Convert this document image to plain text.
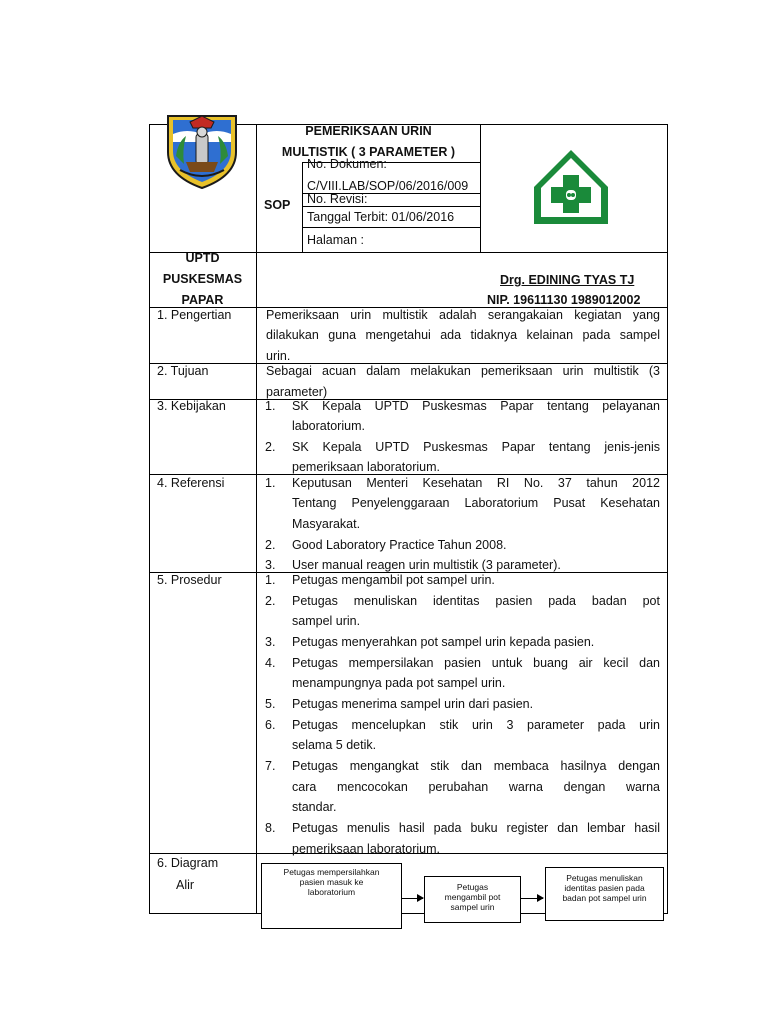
PEMERIKSAAN URIN
MULTISTIK ( 3 PARAMETER )
SOP
No. Dokumen:
C/VIII.LAB/SOP/06/2016/009
No. Revisi:
Tanggal Terbit: 01/06/2016
Halaman :
UPTD
PUSKESMAS
PAPAR
Drg. EDINING TYAS TJ
NIP. 19611130 1989012002
1. Pengertian	Pemeriksaan urin multistik adalah serangakaian kegiatan yang
dilakukan guna mengetahui ada tidaknya kelainan pada sampel
urin.
2. Tujuan	Sebagai acuan dalam melakukan pemeriksaan urin multistik (3
parameter)
3. Kebijakan	1. SK Kepala UPTD Puskesmas Papar tentang pelayanan
laboratorium.
2. SK Kepala UPTD Puskesmas Papar tentang jenis-jenis
pemeriksaan laboratorium.
4. Referensi	1. Keputusan Menteri Kesehatan RI No. 37 tahun 2012
Tentang Penyelenggaraan Laboratorium Pusat Kesehatan
Masyarakat.
2. Good Laboratory Practice Tahun 2008.
3. User manual reagen urin multistik (3 parameter).
5. Prosedur	1. Petugas mengambil pot sampel urin.
2. Petugas menuliskan identitas pasien pada badan pot
sampel urin.
3. Petugas menyerahkan pot sampel urin kepada pasien.
4. Petugas mempersilakan pasien untuk buang air kecil dan
menampungnya pada pot sampel urin.
5. Petugas menerima sampel urin dari pasien.
6. Petugas mencelupkan stik urin 3 parameter pada urin
selama 5 detik.
7. Petugas mengangkat stik dan membaca hasilnya dengan
cara mencocokan perubahan warna dengan warna
standar.
8. Petugas menulis hasil pada buku register dan lembar hasil
pemeriksaan laboratorium.
6. Diagram
Alir
Petugas mempersilahkan
pasien masuk ke
laboratorium	Petugas
mengambil pot
sampel urin
Petugas menuliskan
identitas pasien pada
badan pot sampel urin
